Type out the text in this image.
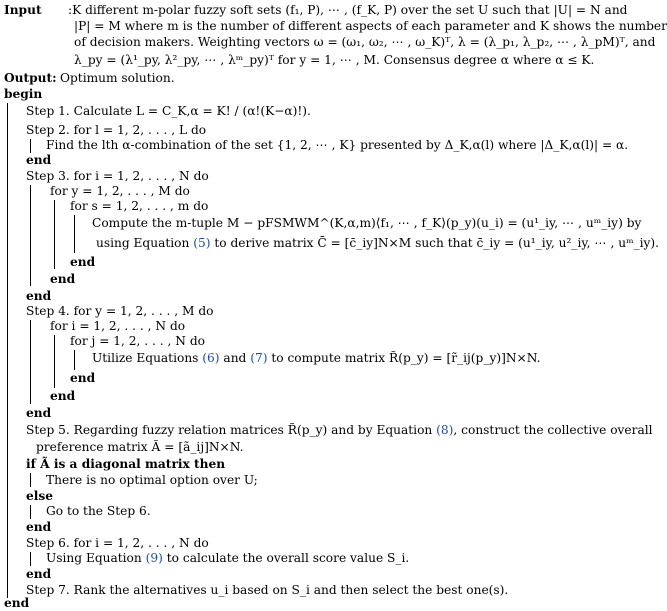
Input :K different m-polar fuzzy soft sets (f₁, P), ⋯ , (f_K, P) over the set U such that |U| = N and
|P| = M where m is the number of different aspects of each parameter and K shows the number
of decision makers. Weighting vectors ω = (ω₁, ω₂, ⋯ , ω_K)ᵀ, λ = (λ_p₁, λ_p₂, ⋯ , λ_pM)ᵀ, and
λ_py = (λ¹_py, λ²_py, ⋯ , λᵐ_py)ᵀ for y = 1, ⋯ , M. Consensus degree α where α ≤ K.
Output: Optimum solution.
begin
Step 1. Calculate L = C_K,α = K! / (α!(K−α)!).
Step 2. for l = 1, 2, . . . , L do
Find the lth α-combination of the set {1, 2, ⋯ , K} presented by Δ_K,α(l) where |Δ_K,α(l)| = α.
end
Step 3. for i = 1, 2, . . . , N do
for y = 1, 2, . . . , M do
for s = 1, 2, . . . , m do
Compute the m-tuple M − pFSMWM^(K,α,m)⟨f₁, ⋯ , f_K⟩(p_y)(u_i) = (u¹_iy, ⋯ , uᵐ_iy) by
using Equation (5) to derive matrix C̄ = [c̄_iy]N×M such that c̄_iy = (u¹_iy, u²_iy, ⋯ , uᵐ_iy).
end
end
end
Step 4. for y = 1, 2, . . . , M do
for i = 1, 2, . . . , N do
for j = 1, 2, . . . , N do
Utilize Equations (6) and (7) to compute matrix R̃(p_y) = [r̃_ij(p_y)]N×N.
end
end
end
Step 5. Regarding fuzzy relation matrices R̃(p_y) and by Equation (8), construct the collective overall
preference matrix Ã = [ã_ij]N×N.
if Ã is a diagonal matrix then
There is no optimal option over U;
else
Go to the Step 6.
end
Step 6. for i = 1, 2, . . . , N do
Using Equation (9) to calculate the overall score value S_i.
end
Step 7. Rank the alternatives u_i based on S_i and then select the best one(s).
end
